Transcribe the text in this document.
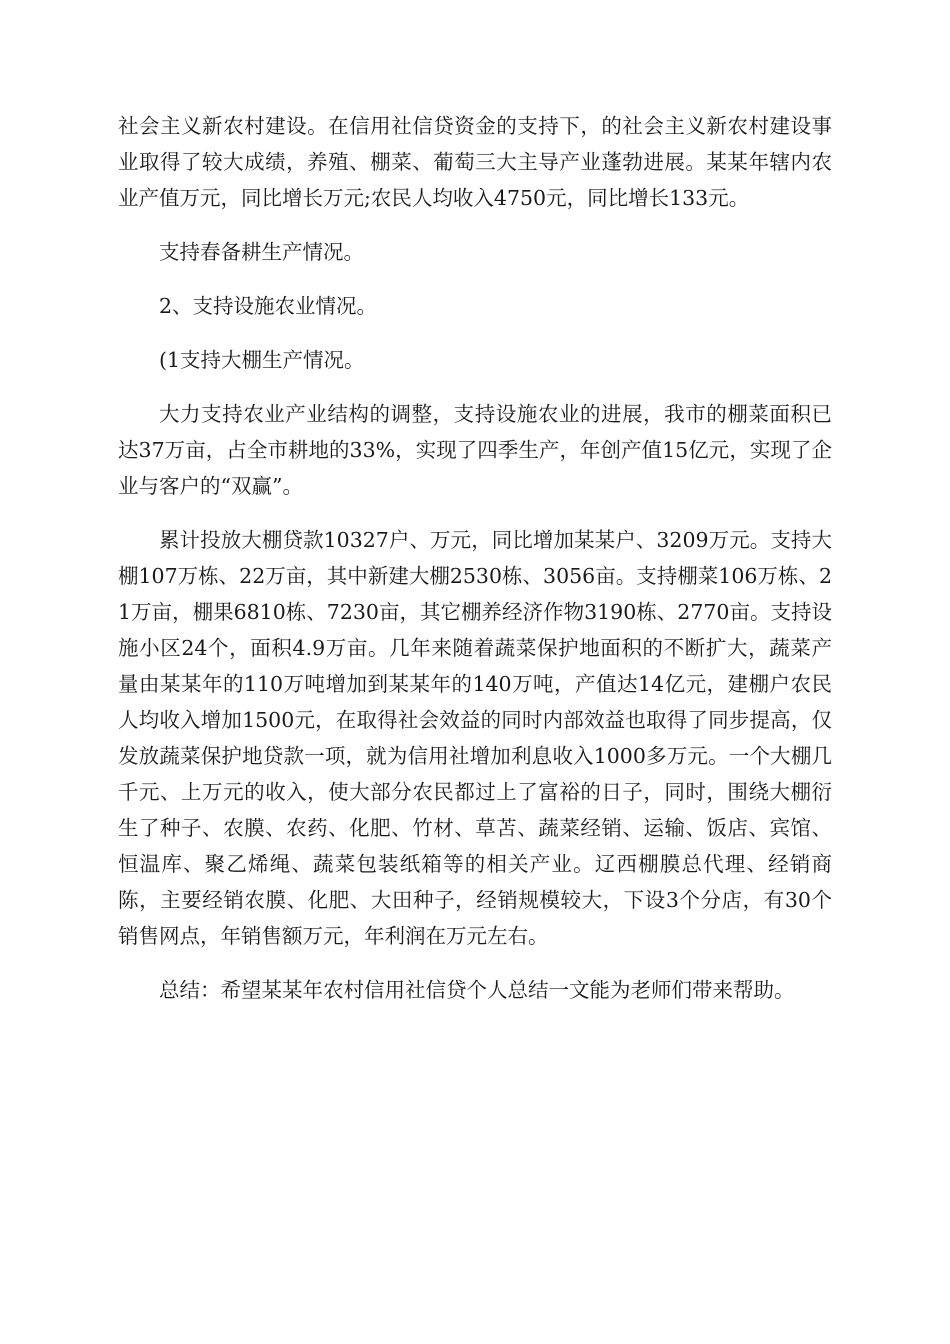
社会主义新农村建设。在信用社信贷资金的支持下，的社会主义新农村建设事业取得了较大成绩，养殖、棚菜、葡萄三大主导产业蓬勃进展。某某年辖内农业产值万元，同比增长万元;农民人均收入4750元，同比增长133元。

支持春备耕生产情况。

2、支持设施农业情况。

(1支持大棚生产情况。

大力支持农业产业结构的调整，支持设施农业的进展，我市的棚菜面积已达37万亩，占全市耕地的33%，实现了四季生产，年创产值15亿元，实现了企业与客户的“双赢”。

累计投放大棚贷款10327户、万元，同比增加某某户、3209万元。支持大棚107万栋、22万亩，其中新建大棚2530栋、3056亩。支持棚菜106万栋、21万亩，棚果6810栋、7230亩，其它棚养经济作物3190栋、2770亩。支持设施小区24个，面积4.9万亩。几年来随着蔬菜保护地面积的不断扩大，蔬菜产量由某某年的110万吨增加到某某年的140万吨，产值达14亿元，建棚户农民人均收入增加1500元，在取得社会效益的同时内部效益也取得了同步提高，仅发放蔬菜保护地贷款一项，就为信用社增加利息收入1000多万元。一个大棚几千元、上万元的收入，使大部分农民都过上了富裕的日子，同时，围绕大棚衍生了种子、农膜、农药、化肥、竹材、草苫、蔬菜经销、运输、饭店、宾馆、恒温库、聚乙烯绳、蔬菜包装纸箱等的相关产业。辽西棚膜总代理、经销商陈，主要经销农膜、化肥、大田种子，经销规模较大，下设3个分店，有30个销售网点，年销售额万元，年利润在万元左右。

总结：希望某某年农村信用社信贷个人总结一文能为老师们带来帮助。
